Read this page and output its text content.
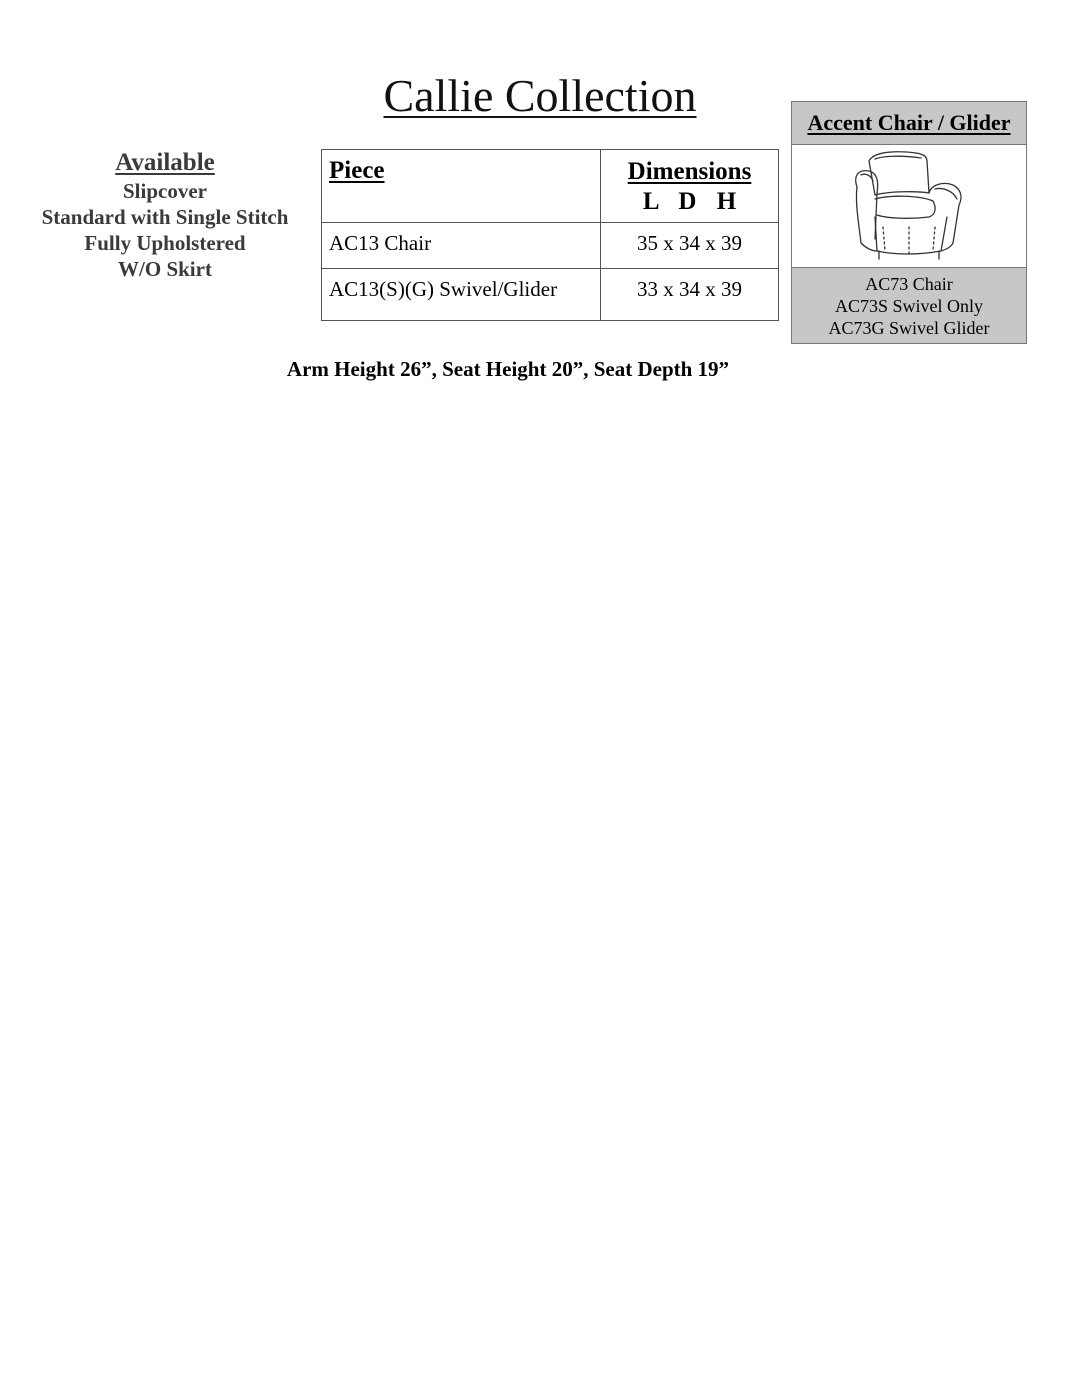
Callie Collection
Available
Slipcover
Standard with Single Stitch
Fully Upholstered
W/O Skirt
Piece	Dimensions
L D H

AC13 Chair	35 x 34 x 39
AC13(S)(G) Swivel/Glider	33 x 34 x 39
Accent Chair / Glider
AC73 Chair
AC73S Swivel Only
AC73G Swivel Glider
Arm Height 26”, Seat Height 20”, Seat Depth 19”
